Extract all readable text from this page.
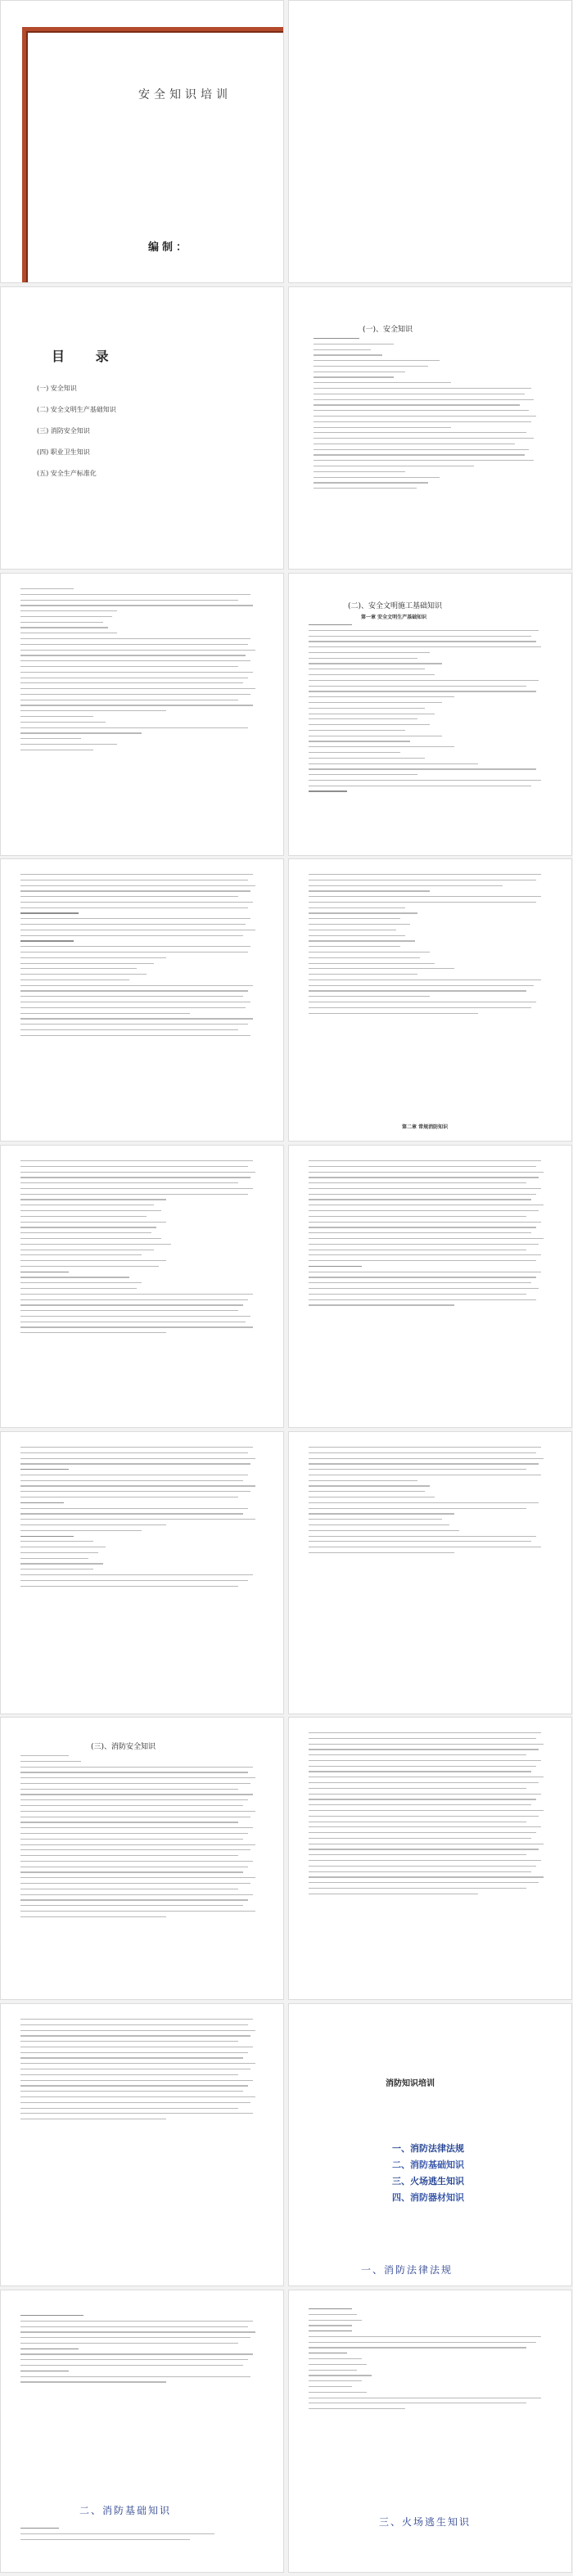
安全知识培训
编制：
目 录
(一) 安全知识
(二) 安全文明生产基础知识
(三) 消防安全知识
(四) 职业卫生知识
(五) 安全生产标准化
(一)、安全知识
(二)、安全文明施工基础知识
第一章 安全文明生产基础知识
第二章 常规消防知识
(三)、消防安全知识
消防知识培训
一、消防法律法规
二、消防基础知识
三、火场逃生知识
四、消防器材知识
一、消防法律法规
二、消防基础知识
三、火场逃生知识
